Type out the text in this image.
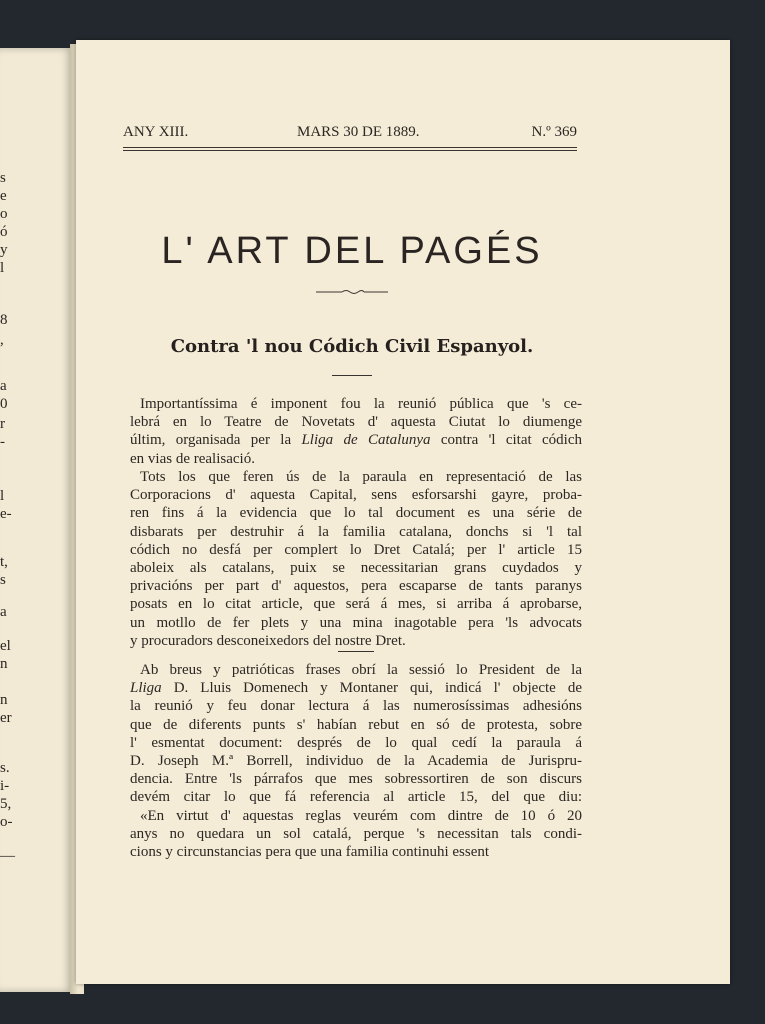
s
e
o
ó
y
l
8
,
a
0
r
-
l
e-
t,
s
a
el
n
n
er
s.
i-
5,
o-
—
ANY XIII.	MARS 30 DE 1889.	N.º 369
L' ART DEL PAGÉS
Contra 'l nou Códich Civil Espanyol.
Importantíssima é imponent fou la reunió pública que 's ce-
lebrá en lo Teatre de Novetats d' aquesta Ciutat lo diumenge
últim, organisada per la Lliga de Catalunya contra 'l citat códich
en vias de realisació.
Tots los que feren ús de la paraula en representació de las
Corporacions d' aquesta Capital, sens esforsarshi gayre, proba-
ren fins á la evidencia que lo tal document es una série de
disbarats per destruhir á la familia catalana, donchs si 'l tal
códich no desfá per complert lo Dret Catalá; per l' article 15
aboleix als catalans, puix se necessitarian grans cuydados y
privacións per part d' aquestos, pera escaparse de tants paranys
posats en lo citat article, que será á mes, si arriba á aprobarse,
un motllo de fer plets y una mina inagotable pera 'ls advocats
y procuradors desconeixedors del nostre Dret.
Ab breus y patrióticas frases obrí la sessió lo President de la
Lliga D. Lluis Domenech y Montaner qui, indicá l' objecte de
la reunió y feu donar lectura á las numerosíssimas adhesións
que de diferents punts s' habían rebut en só de protesta, sobre
l' esmentat document: després de lo qual cedí la paraula á
D. Joseph M.ª Borrell, individuo de la Academia de Jurispru-
dencia. Entre 'ls párrafos que mes sobressortiren de son discurs
devém citar lo que fá referencia al article 15, del que diu:
«En virtut d' aquestas reglas veurém com dintre de 10 ó 20
anys no quedara un sol catalá, perque 's necessitan tals condi-
cions y circunstancias pera que una familia continuhi essent
